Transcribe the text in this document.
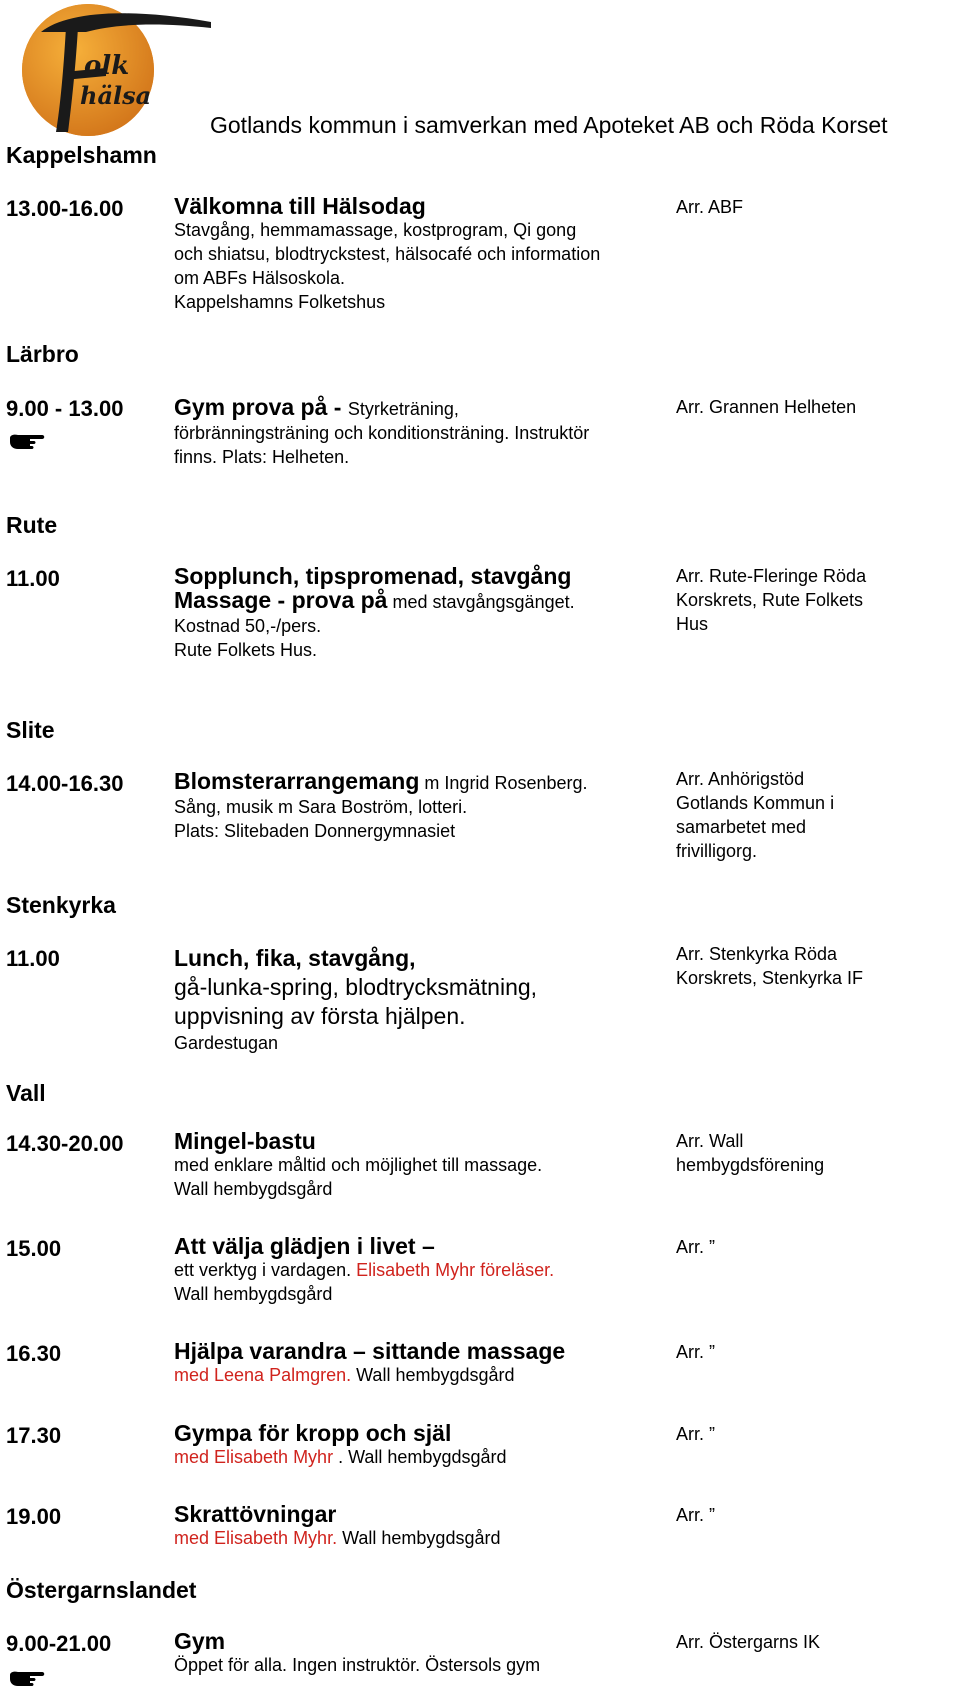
olk
hälsa
Gotlands kommun i samverkan med Apoteket AB och Röda Korset
Kappelshamn
13.00-16.00 Välkomna till Hälsodag
Stavgång, hemmamassage, kostprogram, Qi gong
och shiatsu, blodtryckstest, hälsocafé och information
om ABFs Hälsoskola.
Kappelshamns Folketshus
Arr. ABF
Lärbro
9.00 - 13.00 Gym prova på - Styrketräning,
förbränningsträning och konditionsträning. Instruktör
finns. Plats: Helheten.
Arr. Grannen Helheten
Rute
11.00	Sopplunch, tipspromenad, stavgång
Massage - prova på med stavgångsgänget.
Kostnad 50,-/pers.
Rute Folkets Hus.
Arr. Rute-Fleringe Röda
Korskrets, Rute Folkets
Hus
Slite
14.00-16.30 Blomsterarrangemang m Ingrid Rosenberg.
Sång, musik m Sara Boström, lotteri.
Plats: Slitebaden Donnergymnasiet
Arr. Anhörigstöd
Gotlands Kommun i
samarbetet med
frivilligorg.
Stenkyrka
11.00	Lunch, fika, stavgång,
gå-lunka-spring, blodtrycksmätning,
uppvisning av första hjälpen.
Gardestugan
Arr. Stenkyrka Röda
Korskrets, Stenkyrka IF
Vall
14.30-20.00 Mingel-bastu
med enklare måltid och möjlighet till massage.
Wall hembygdsgård
Arr. Wall
hembygdsförening
15.00	Att välja glädjen i livet –
ett verktyg i vardagen. Elisabeth Myhr föreläser.
Wall hembygdsgård
Arr. ”
16.30	Hjälpa varandra – sittande massage
med Leena Palmgren. Wall hembygdsgård
Arr. ”
17.30	Gympa för kropp och själ
med Elisabeth Myhr . Wall hembygdsgård
Arr. ”
19.00	Skrattövningar
med Elisabeth Myhr. Wall hembygdsgård
Arr. ”
Östergarnslandet
9.00-21.00	Gym
Öppet för alla. Ingen instruktör. Östersols gym
Arr. Östergarns IK
